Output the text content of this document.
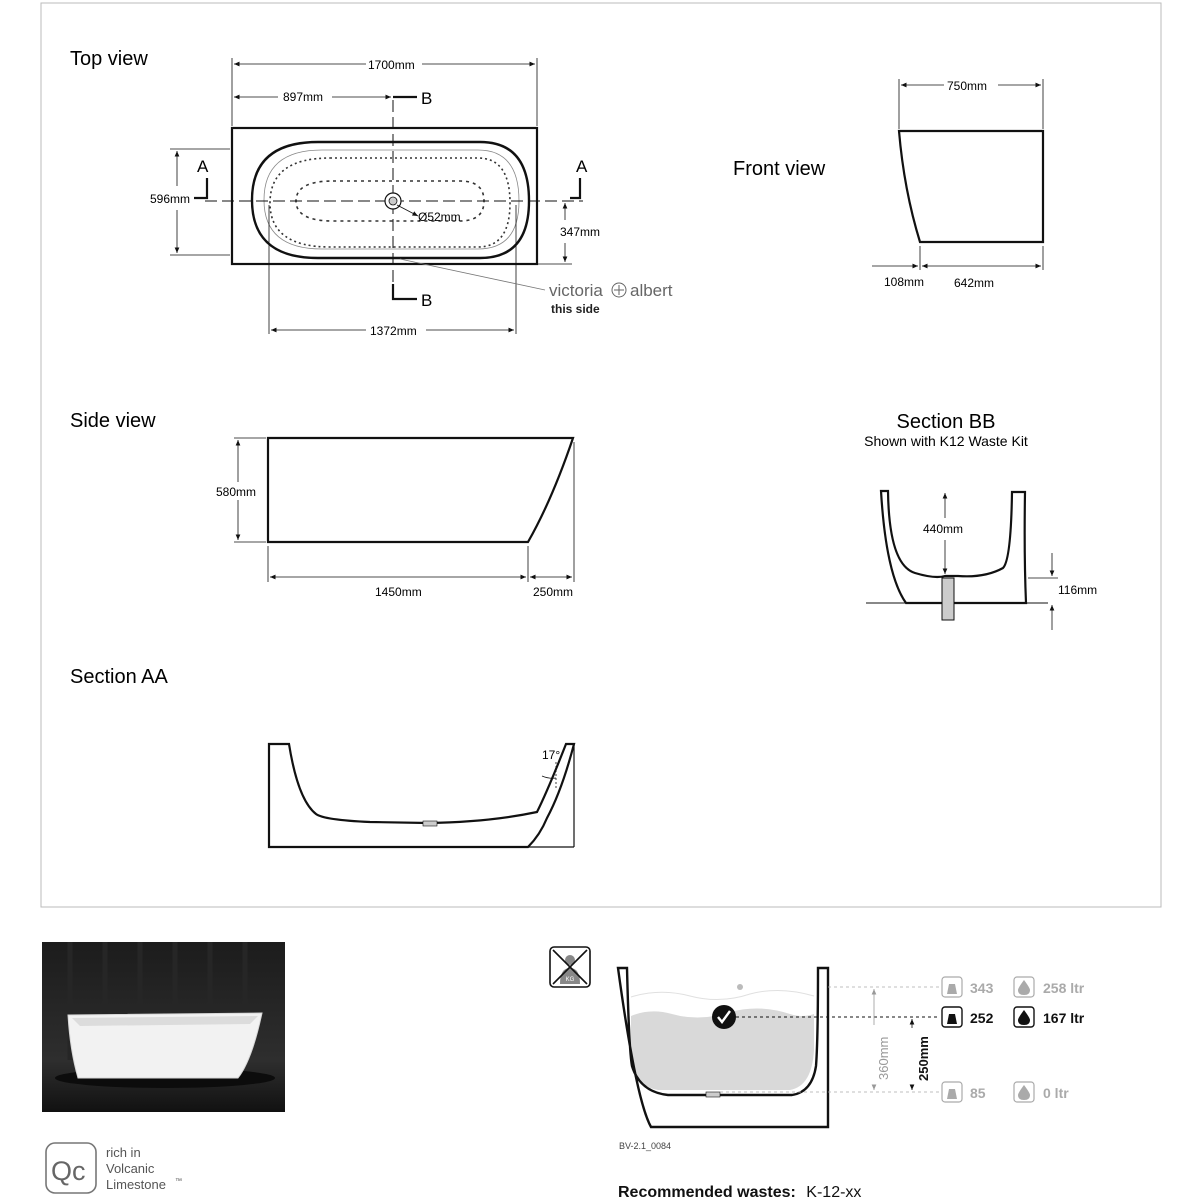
Top view
Ø52mm
A	A
B
B
1700mm
897mm
596mm
347mm
1372mm
victoria albert
this side
Front view
750mm
108mm 642mm
Side view
580mm
1450mm	250mm
Section BB
Shown with K12 Waste Kit
440mm
116mm
Section AA
17°
Qc
rich in
Volcanic
Limestone ™
KG
360mm 250mm
343	258 ltr
252	167 ltr
85	0 ltr
BV-2.1_0084
Recommended wastes: K-12-xx
